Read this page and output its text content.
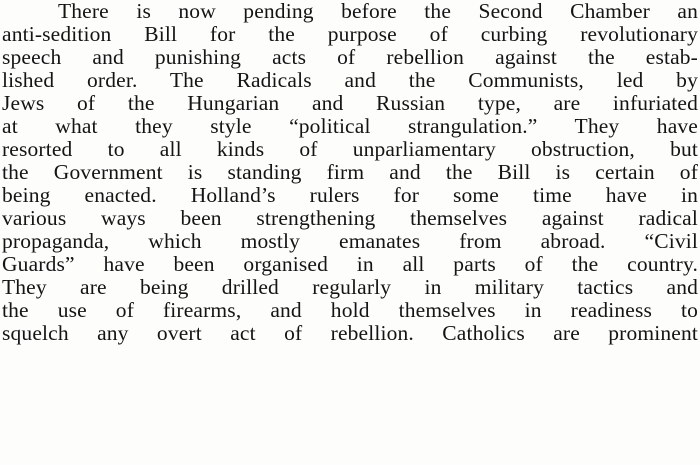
There is now pending before the Second Chamber an
anti-sedition Bill for the purpose of curbing revolutionary
speech and punishing acts of rebellion against the estab-
lished order. The Radicals and the Communists, led by
Jews of the Hungarian and Russian type, are infuriated
at what they style “political strangulation.” They have
resorted to all kinds of unparliamentary obstruction, but
the Government is standing firm and the Bill is certain of
being enacted. Holland’s rulers for some time have in
various ways been strengthening themselves against radical
propaganda, which mostly emanates from abroad. “Civil
Guards” have been organised in all parts of the country.
They are being drilled regularly in military tactics and
the use of firearms, and hold themselves in readiness to
squelch any overt act of rebellion. Catholics are prominent
